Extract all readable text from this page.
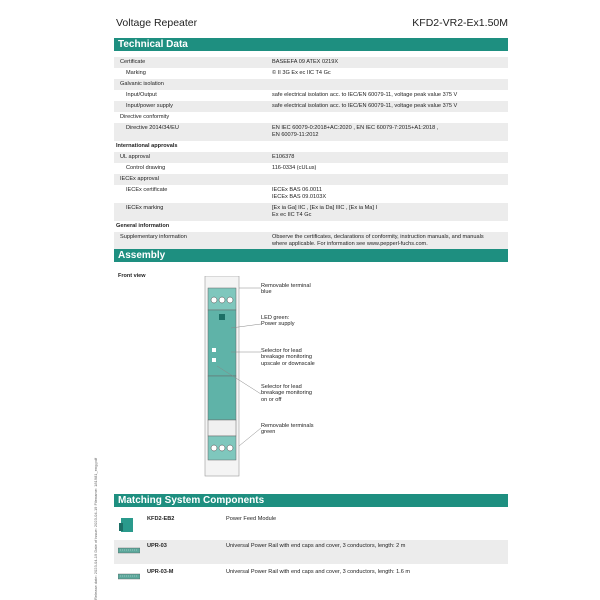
Voltage Repeater	KFD2-VR2-Ex1.50M
Technical Data
Certificate	BASEEFA 09 ATEX 0219X
Marking	© II 3G Ex ec IIC T4 Gc
Galvanic isolation
Input/Output	safe electrical isolation acc. to IEC/EN 60079-11, voltage peak value 375 V
Input/power supply	safe electrical isolation acc. to IEC/EN 60079-11, voltage peak value 375 V
Directive conformity
Directive 2014/34/EU	EN IEC 60079-0:2018+AC:2020 , EN IEC 60079-7:2015+A1:2018 ,
EN 60079-11:2012
International approvals
UL approval	E106378
Control drawing	116-0334 (cULus)
IECEx approval
IECEx certificate	IECEx BAS 06.0011
IECEx BAS 09.0103X
IECEx marking	[Ex ia Ga] IIC , [Ex ia Da] IIIC , [Ex ia Ma] I
Ex ec IIC T4 Gc
General information
Supplementary information	Observe the certificates, declarations of conformity, instruction manuals, and manuals
where applicable. For information see www.pepperl-fuchs.com.
Assembly
Front view
Removable terminal
blue
LED green:
Power supply
Selector for lead
breakage monitoring
upscale or downscale
Selector for lead
breakage monitoring
on or off
Removable terminals
green
Matching System Components
KFD2-EB2	Power Feed Module
UPR-03	Universal Power Rail with end caps and cover, 3 conductors, length: 2 m
UPR-03-M	Universal Power Rail with end caps and cover, 3 conductors, length: 1.6 m
Release date: 2023-04-19 Date of issue: 2023-04-19 Filename: 181981_eng.pdf
